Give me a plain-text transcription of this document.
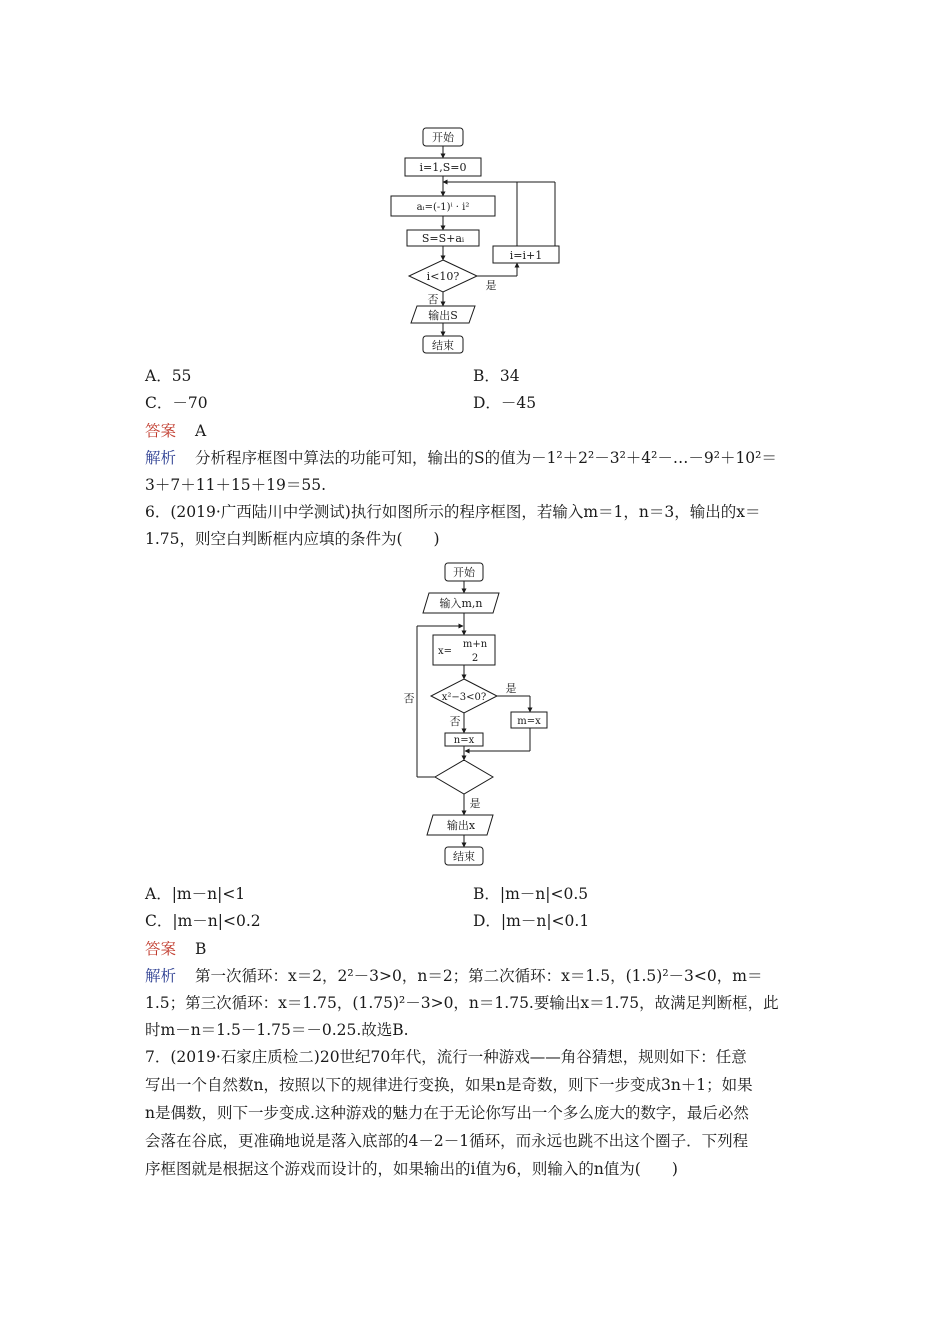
开始
i=1,S=0
aᵢ=(-1)ⁱ · i²
S=S+aᵢ
i<10?
i=i+1
是
否
输出S
结束
A．55	B．34
C．－70	D．－45
答案 A
解析 分析程序框图中算法的功能可知，输出的S的值为－1²＋2²－3²＋4²－…－9²＋10²＝
3＋7＋11＋15＋19＝55.
6．(2019·广西陆川中学测试)执行如图所示的程序框图，若输入m＝1，n＝3，输出的x＝
1.75，则空白判断框内应填的条件为(　　)
开始
输入m,n
x=
m+n
2
x²−3<0?
是
否	m=x
n=x
否
是
输出x
结束
A．|m－n|<1	B．|m－n|<0.5
C．|m－n|<0.2	D．|m－n|<0.1
答案 B
解析 第一次循环：x＝2，2²－3>0，n＝2；第二次循环：x＝1.5，(1.5)²－3<0，m＝
1.5；第三次循环：x＝1.75，(1.75)²－3>0，n＝1.75.要输出x＝1.75，故满足判断框，此
时m－n＝1.5－1.75＝－0.25.故选B.
7．(2019·石家庄质检二)20世纪70年代，流行一种游戏——角谷猜想，规则如下：任意
写出一个自然数n，按照以下的规律进行变换，如果n是奇数，则下一步变成3n＋1；如果
n是偶数，则下一步变成.这种游戏的魅力在于无论你写出一个多么庞大的数字，最后必然
会落在谷底，更准确地说是落入底部的4－2－1循环，而永远也跳不出这个圈子．下列程
序框图就是根据这个游戏而设计的，如果输出的i值为6，则输入的n值为(　　)
